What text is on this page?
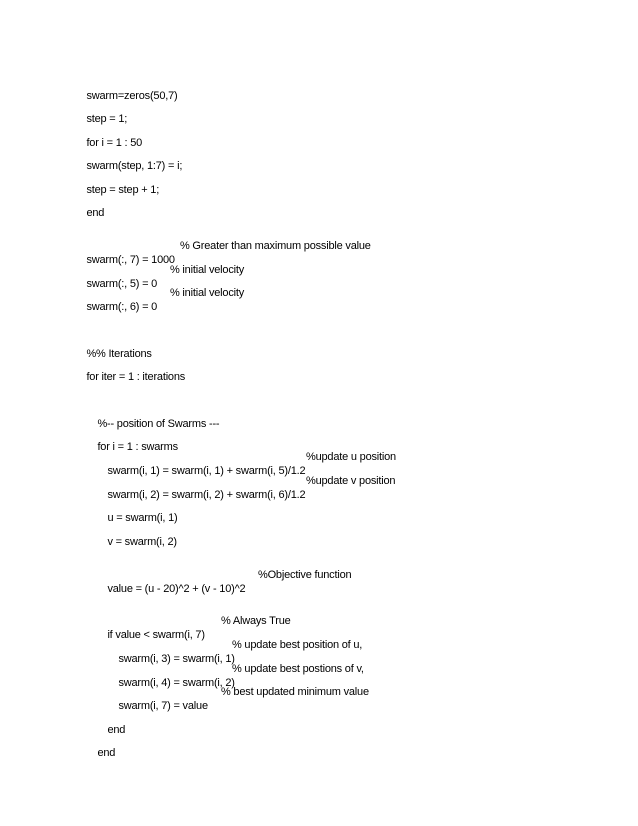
swarm=zeros(50,7)

step = 1;

for i = 1 : 50

swarm(step, 1:7) = i;

step = step + 1;

end

swarm(:, 7) = 1000

% Greater than maximum possible value

swarm(:, 5) = 0

% initial velocity

swarm(:, 6) = 0

% initial velocity

%% Iterations

for iter = 1 : iterations

%-- position of Swarms ---

for i = 1 : swarms

swarm(i, 1) = swarm(i, 1) + swarm(i, 5)/1.2

%update u position

swarm(i, 2) = swarm(i, 2) + swarm(i, 6)/1.2

%update v position

u = swarm(i, 1)

v = swarm(i, 2)

value = (u - 20)^2 + (v - 10)^2

%Objective function

if value < swarm(i, 7)

% Always True

swarm(i, 3) = swarm(i, 1)

% update best position of u,

swarm(i, 4) = swarm(i, 2)

% update best postions of v,

swarm(i, 7) = value

% best updated minimum value

end

end
